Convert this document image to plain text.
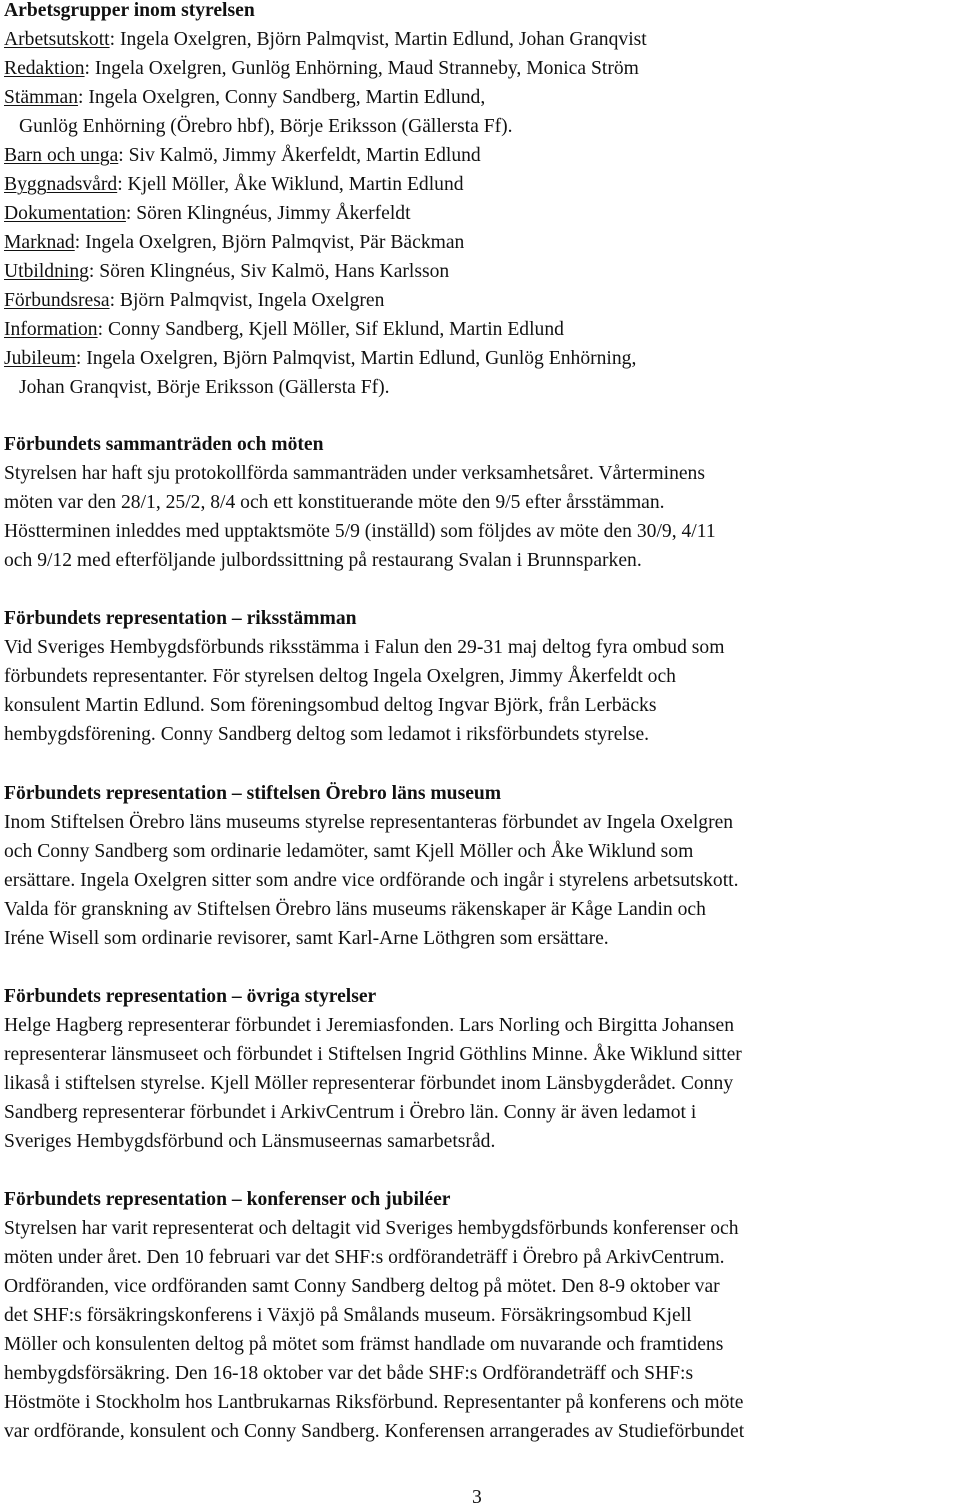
Arbetsgrupper inom styrelsen
Arbetsutskott: Ingela Oxelgren, Björn Palmqvist, Martin Edlund, Johan Granqvist
Redaktion: Ingela Oxelgren, Gunlög Enhörning, Maud Stranneby, Monica Ström
Stämman: Ingela Oxelgren, Conny Sandberg, Martin Edlund,
Gunlög Enhörning (Örebro hbf), Börje Eriksson (Gällersta Ff).
Barn och unga: Siv Kalmö, Jimmy Åkerfeldt, Martin Edlund
Byggnadsvård: Kjell Möller, Åke Wiklund, Martin Edlund
Dokumentation: Sören Klingnéus, Jimmy Åkerfeldt
Marknad: Ingela Oxelgren, Björn Palmqvist, Pär Bäckman
Utbildning: Sören Klingnéus, Siv Kalmö, Hans Karlsson
Förbundsresa: Björn Palmqvist, Ingela Oxelgren
Information: Conny Sandberg, Kjell Möller, Sif Eklund, Martin Edlund
Jubileum: Ingela Oxelgren, Björn Palmqvist, Martin Edlund, Gunlög Enhörning,
Johan Granqvist, Börje Eriksson (Gällersta Ff).
Förbundets sammanträden och möten
Styrelsen har haft sju protokollförda sammanträden under verksamhetsåret. Vårterminens
möten var den 28/1, 25/2, 8/4 och ett konstituerande möte den 9/5 efter årsstämman.
Höstterminen inleddes med upptaktsmöte 5/9 (inställd) som följdes av möte den 30/9, 4/11
och 9/12 med efterföljande julbordssittning på restaurang Svalan i Brunnsparken.
Förbundets representation – riksstämman
Vid Sveriges Hembygdsförbunds riksstämma i Falun den 29-31 maj deltog fyra ombud som
förbundets representanter. För styrelsen deltog Ingela Oxelgren, Jimmy Åkerfeldt och
konsulent Martin Edlund. Som föreningsombud deltog Ingvar Björk, från Lerbäcks
hembygdsförening. Conny Sandberg deltog som ledamot i riksförbundets styrelse.
Förbundets representation – stiftelsen Örebro läns museum
Inom Stiftelsen Örebro läns museums styrelse representanteras förbundet av Ingela Oxelgren
och Conny Sandberg som ordinarie ledamöter, samt Kjell Möller och Åke Wiklund som
ersättare. Ingela Oxelgren sitter som andre vice ordförande och ingår i styrelens arbetsutskott.
Valda för granskning av Stiftelsen Örebro läns museums räkenskaper är Kåge Landin och
Iréne Wisell som ordinarie revisorer, samt Karl-Arne Löthgren som ersättare.
Förbundets representation – övriga styrelser
Helge Hagberg representerar förbundet i Jeremiasfonden. Lars Norling och Birgitta Johansen
representerar länsmuseet och förbundet i Stiftelsen Ingrid Göthlins Minne. Åke Wiklund sitter
likaså i stiftelsen styrelse. Kjell Möller representerar förbundet inom Länsbygderådet. Conny
Sandberg representerar förbundet i ArkivCentrum i Örebro län. Conny är även ledamot i
Sveriges Hembygdsförbund och Länsmuseernas samarbetsråd.
Förbundets representation – konferenser och jubiléer
Styrelsen har varit representerat och deltagit vid Sveriges hembygdsförbunds konferenser och
möten under året. Den 10 februari var det SHF:s ordförandeträff i Örebro på ArkivCentrum.
Ordföranden, vice ordföranden samt Conny Sandberg deltog på mötet. Den 8-9 oktober var
det SHF:s försäkringskonferens i Växjö på Smålands museum. Försäkringsombud Kjell
Möller och konsulenten deltog på mötet som främst handlade om nuvarande och framtidens
hembygdsförsäkring. Den 16-18 oktober var det både SHF:s Ordförandeträff och SHF:s
Höstmöte i Stockholm hos Lantbrukarnas Riksförbund. Representanter på konferens och möte
var ordförande, konsulent och Conny Sandberg. Konferensen arrangerades av Studieförbundet
3
